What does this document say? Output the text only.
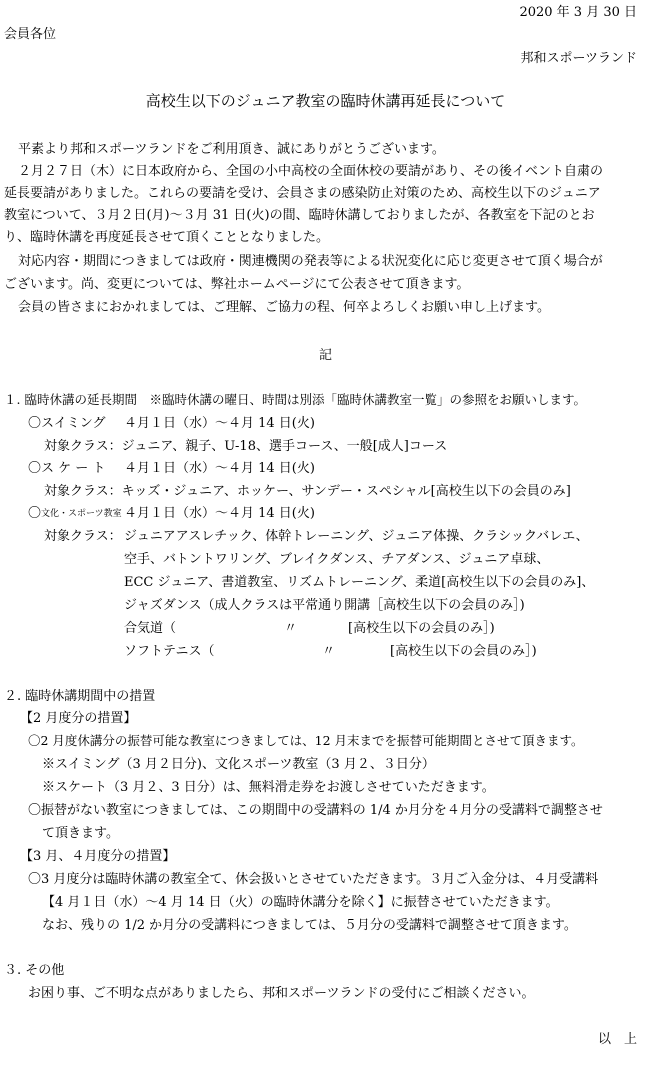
2020 年 3 月 30 日
会員各位
邦和スポーツランド
高校生以下のジュニア教室の臨時休講再延長について
平素より邦和スポーツランドをご利用頂き、誠にありがとうございます。
２月２７日（木）に日本政府から、全国の小中高校の全面休校の要請があり、その後イベント自粛の
延長要請がありました。これらの要請を受け、会員さまの感染防止対策のため、高校生以下のジュニア
教室について、３月２日(月)～３月 31 日(火)の間、臨時休講しておりましたが、各教室を下記のとお
り、臨時休講を再度延長させて頂くこととなりました。
対応内容・期間につきましては政府・関連機関の発表等による状況変化に応じ変更させて頂く場合が
ございます。尚、変更については、弊社ホームページにて公表させて頂きます。
会員の皆さまにおかれましては、ご理解、ご協力の程、何卒よろしくお願い申し上げます。
記
１. 臨時休講の延長期間　※臨時休講の曜日、時間は別添「臨時休講教室一覧」の参照をお願いします。
〇スイミング ４月１日（水）～４月 14 日(火)
対象クラス：ジュニア、親子、U-18、選手コース、一般[成人]コース
〇ス ケ ー ト ４月１日（水）～４月 14 日(火)
対象クラス：キッズ・ジュニア、ホッケー、サンデー・スペシャル[高校生以下の会員のみ]
〇 文化・スポーツ教室 ４月１日（水）～４月 14 日(火)
対象クラス： ジュニアアスレチック、体幹トレーニング、ジュニア体操、クラシックバレエ、
空手、バトントワリング、ブレイクダンス、チアダンス、ジュニア卓球、
ECC ジュニア、書道教室、リズムトレーニング、柔道[高校生以下の会員のみ]、
ジャズダンス（成人クラスは平常通り開講［高校生以下の会員のみ］)
合気道（	〃	[高校生以下の会員のみ］)
ソフトテニス（	〃	[高校生以下の会員のみ］)
２. 臨時休講期間中の措置
【2 月度分の措置】
〇2 月度休講分の振替可能な教室につきましては、12 月末までを振替可能期間とさせて頂きます。
※スイミング（3 月２日分)、文化スポーツ教室（3 月２、３日分）
※スケート（3 月２、3 日分）は、無料滑走券をお渡しさせていただきます。
〇振替がない教室につきましては、この期間中の受講料の 1/4 か月分を４月分の受講料で調整させ
て頂きます。
【3 月、４月度分の措置】
〇3 月度分は臨時休講の教室全て、休会扱いとさせていただきます。３月ご入金分は、４月受講料
【4 月１日（水）～4 月 14 日（火）の臨時休講分を除く】に振替させていただきます。
なお、残りの 1/2 か月分の受講料につきましては、５月分の受講料で調整させて頂きます。
３. その他
お困り事、ご不明な点がありましたら、邦和スポーツランドの受付にご相談ください。
以　上
